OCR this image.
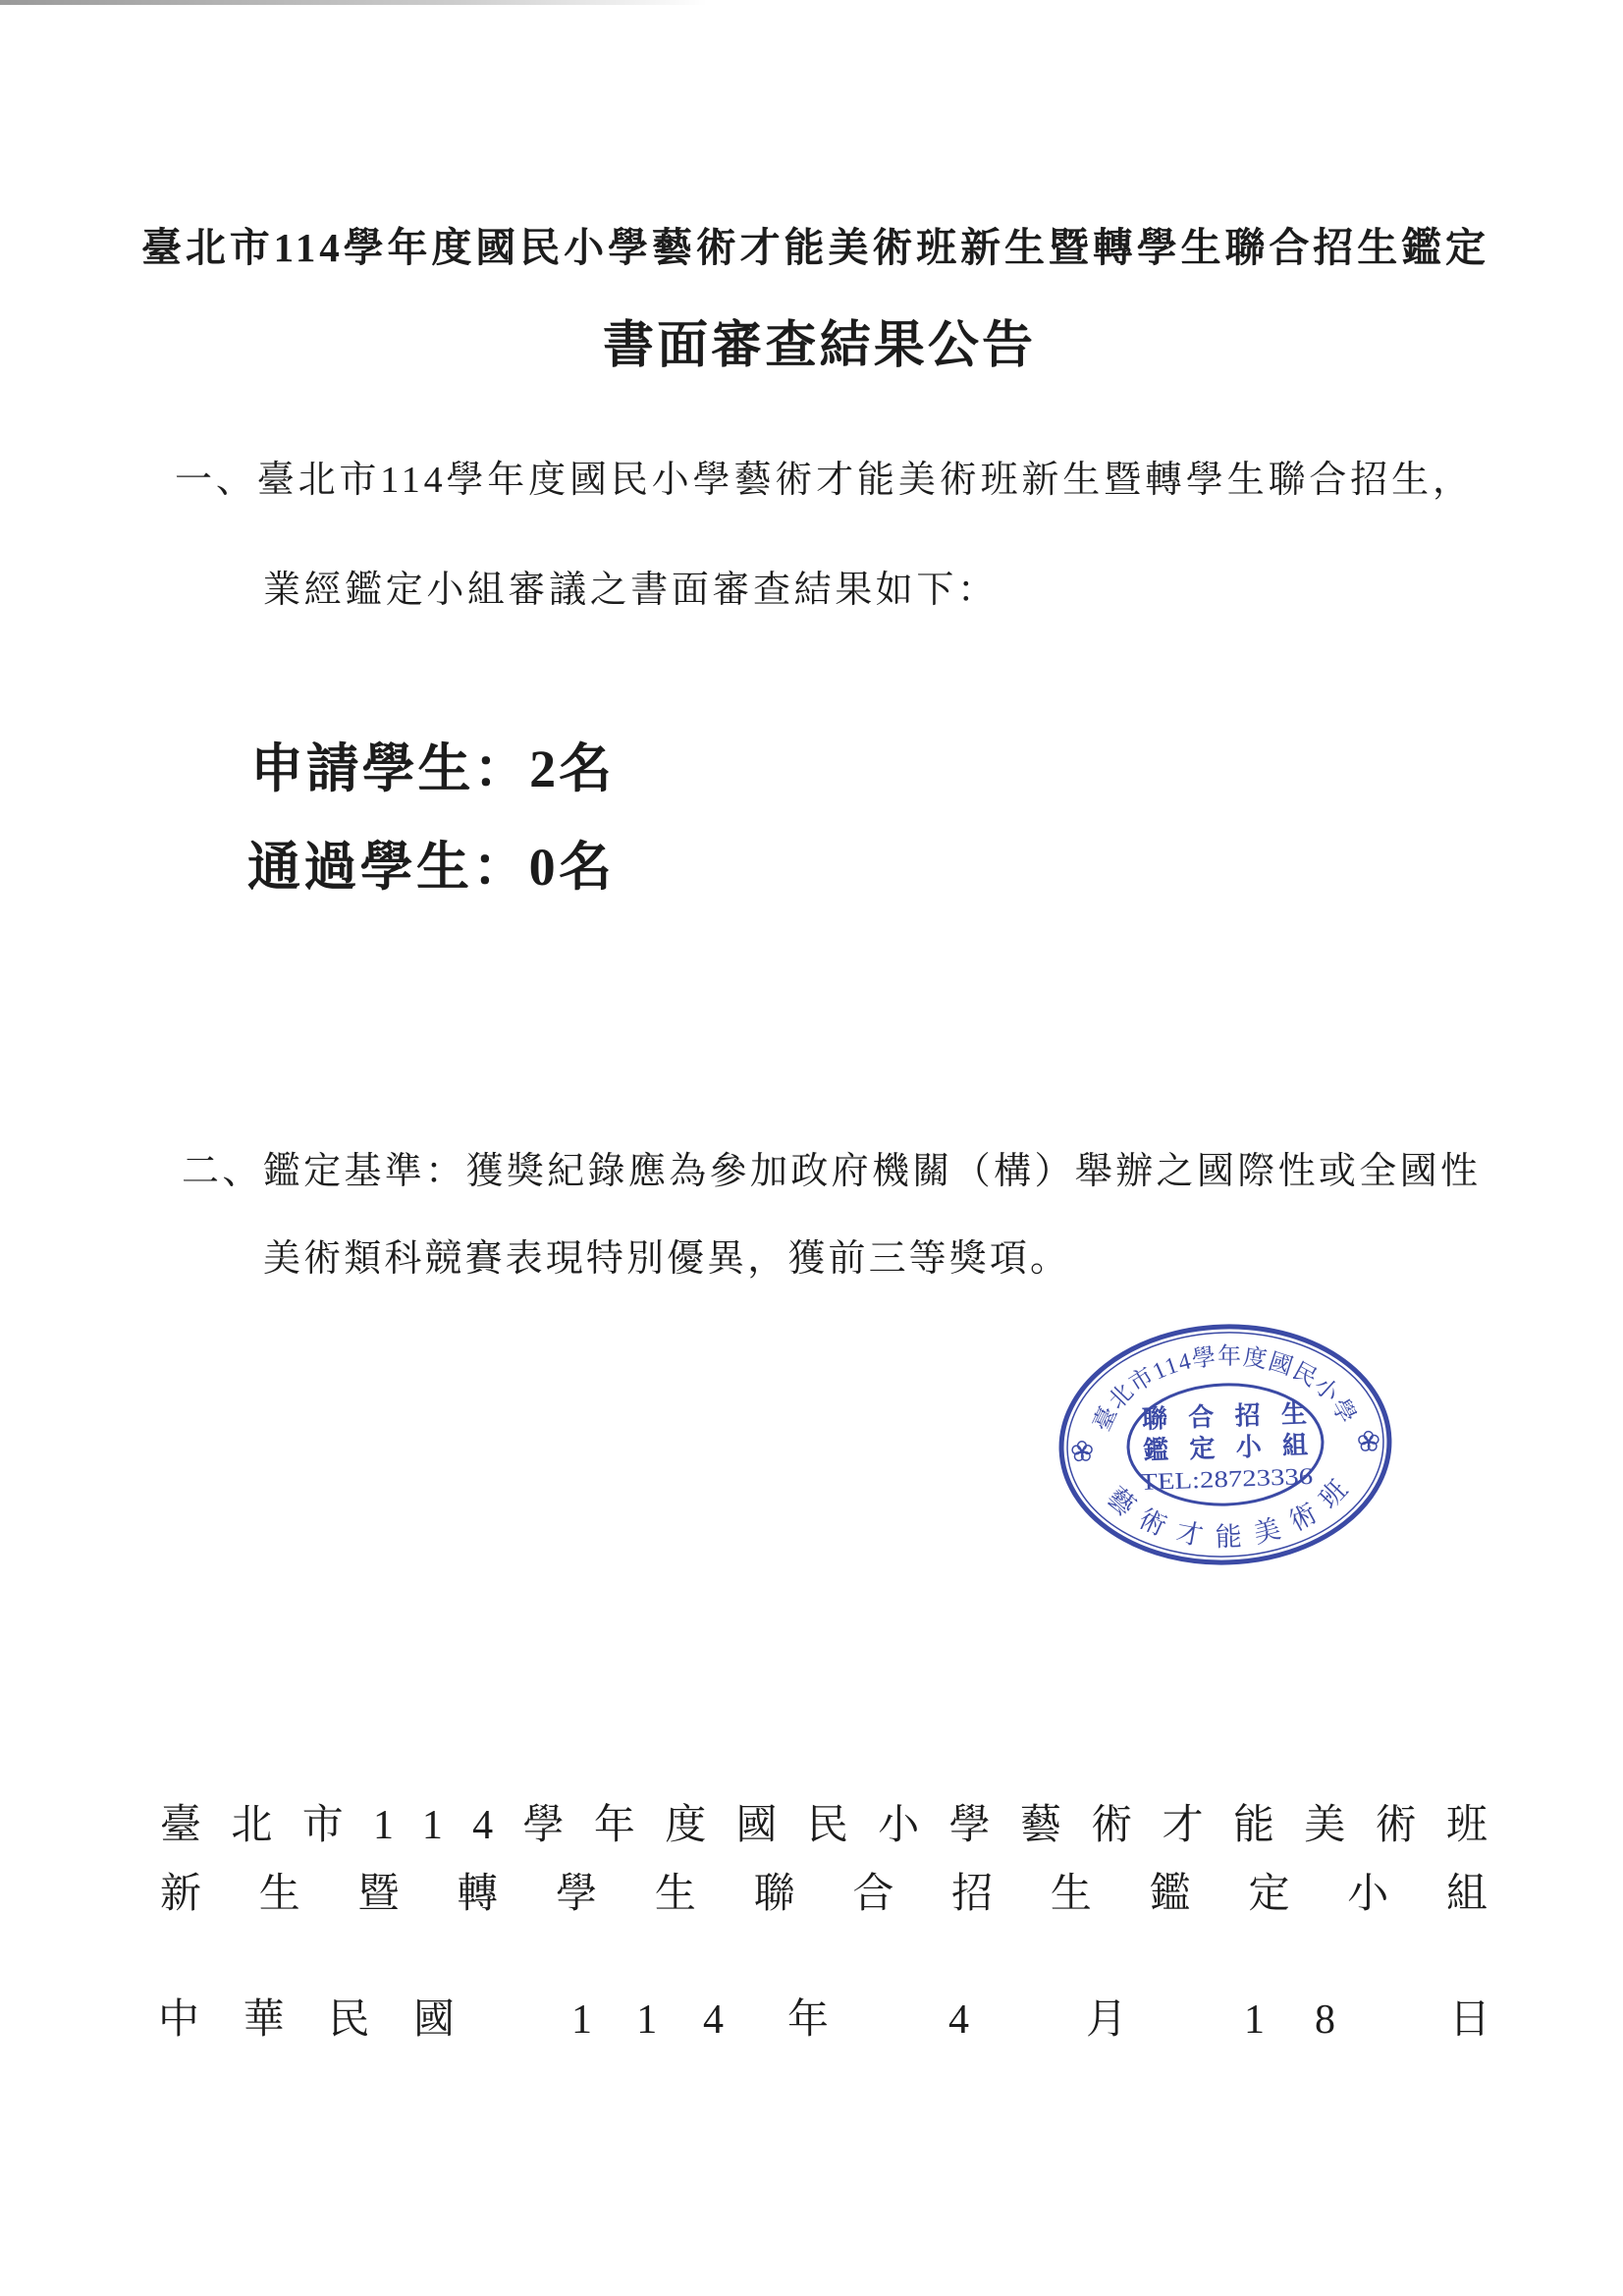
臺北市114學年度國民小學藝術才能美術班新生暨轉學生聯合招生鑑定
書面審查結果公告

一、臺北市114學年度國民小學藝術才能美術班新生暨轉學生聯合招生，

業經鑑定小組審議之書面審查結果如下：

申請學生：2名
通過學生：0名

二、鑑定基準：獲獎紀錄應為參加政府機關（構）舉辦之國際性或全國性

美術類科競賽表現特別優異，獲前三等獎項。

臺北市114學年度國民小學
藝術才能美術班
聯合招生
鑑定小組
TEL:28723336

臺北市114學年度國民小學藝術才能美術班

新生暨轉學生聯合招生鑑定小組

中華民國 114 年	4	月	18 日
